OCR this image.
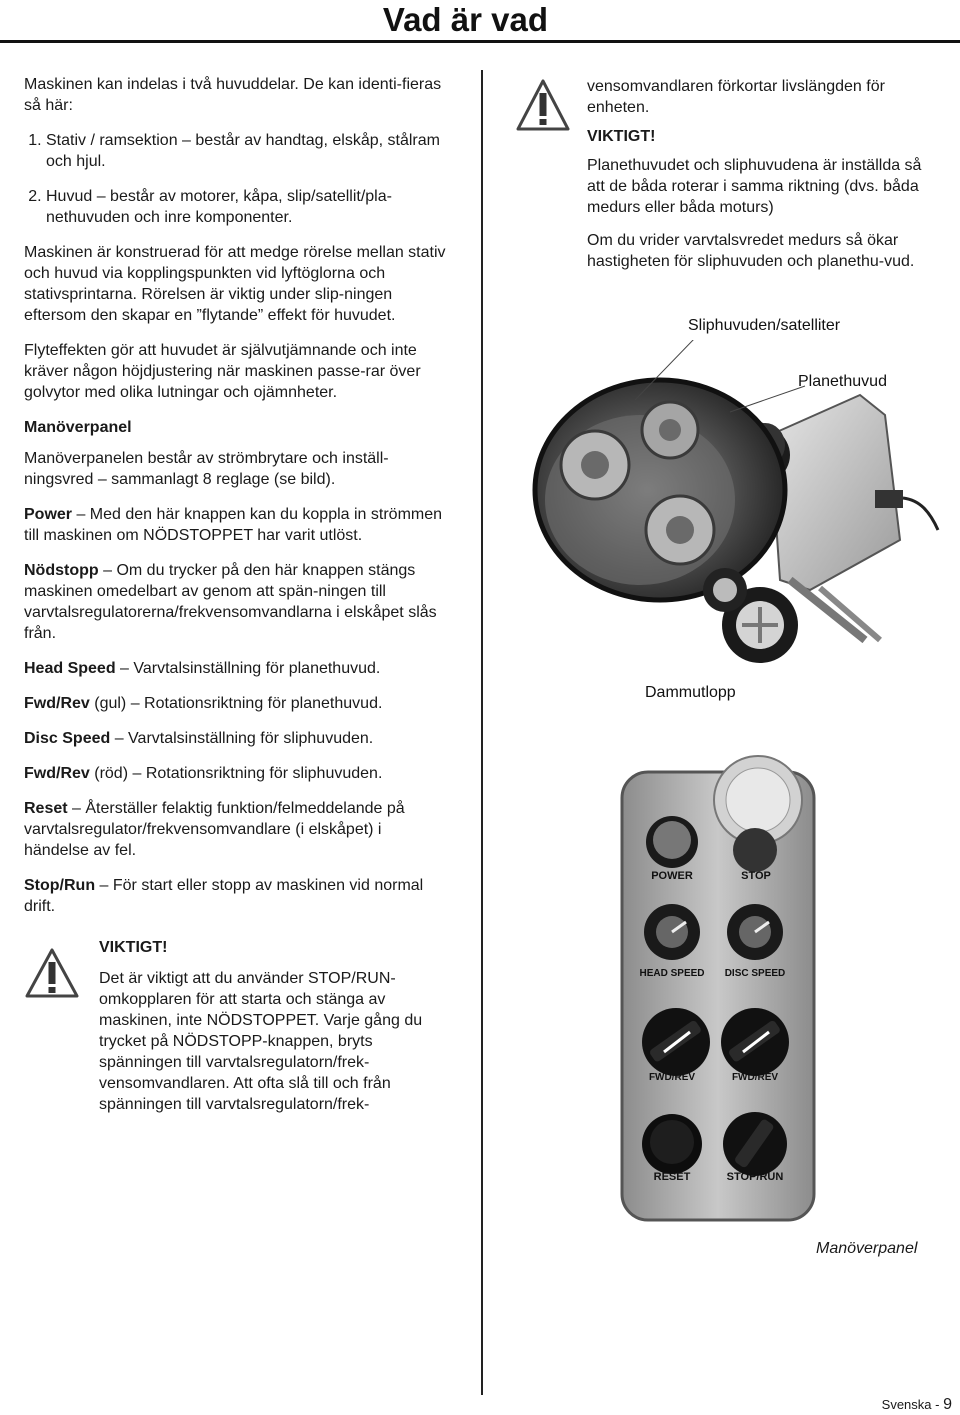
Vad är vad

Maskinen kan indelas i två huvuddelar. De kan identi-fieras så här:

1. Stativ / ramsektion – består av handtag, elskåp, stålram och hjul.
2. Huvud – består av motorer, kåpa, slip/satellit/pla-nethuvuden och inre komponenter.

Maskinen är konstruerad för att medge rörelse mellan stativ och huvud via kopplingspunkten vid lyftöglorna och stativsprintarna. Rörelsen är viktig under slip-ningen eftersom den skapar en ”flytande” effekt för huvudet.

Flyteffekten gör att huvudet är självutjämnande och inte kräver någon höjdjustering när maskinen passe-rar över golvytor med olika lutningar och ojämnheter.

Manöverpanel

Manöverpanelen består av strömbrytare och inställ-ningsvred – sammanlagt 8 reglage (se bild).

Power – Med den här knappen kan du koppla in strömmen till maskinen om NÖDSTOPPET har varit utlöst.

Nödstopp – Om du trycker på den här knappen stängs maskinen omedelbart av genom att spän-ningen till varvtalsregulatorerna/frekvensomvandlarna i elskåpet slås från.

Head Speed – Varvtalsinställning för planethuvud.

Fwd/Rev (gul) – Rotationsriktning för planethuvud.

Disc Speed – Varvtalsinställning för sliphuvuden.

Fwd/Rev (röd) – Rotationsriktning för sliphuvuden.

Reset – Återställer felaktig funktion/felmeddelande på varvtalsregulator/frekvensomvandlare (i elskåpet) i händelse av fel.

Stop/Run – För start eller stopp av maskinen vid normal drift.

VIKTIGT!

Det är viktigt att du använder STOP/RUN-omkopplaren för att starta och stänga av maskinen, inte NÖDSTOPPET. Varje gång du trycket på NÖDSTOPP-knappen, bryts spänningen till varvtalsregulatorn/frek-vensomvandlaren. Att ofta slå till och från spänningen till varvtalsregulatorn/frek-

vensomvandlaren förkortar livslängden för enheten.

VIKTIGT!

Planethuvudet och sliphuvudena är inställda så att de båda roterar i samma riktning (dvs. båda medurs eller båda moturs)

Om du vrider varvtalsvredet medurs så ökar hastigheten för sliphuvuden och planethu-vud.

Sliphuvuden/satelliter
Planethuvud
Dammutlopp
POWER	STOP
HEAD SPEED DISC SPEED
FWD/REV	FWD/REV
RESET	STOP/RUN
Manöverpanel
Svenska - 9
